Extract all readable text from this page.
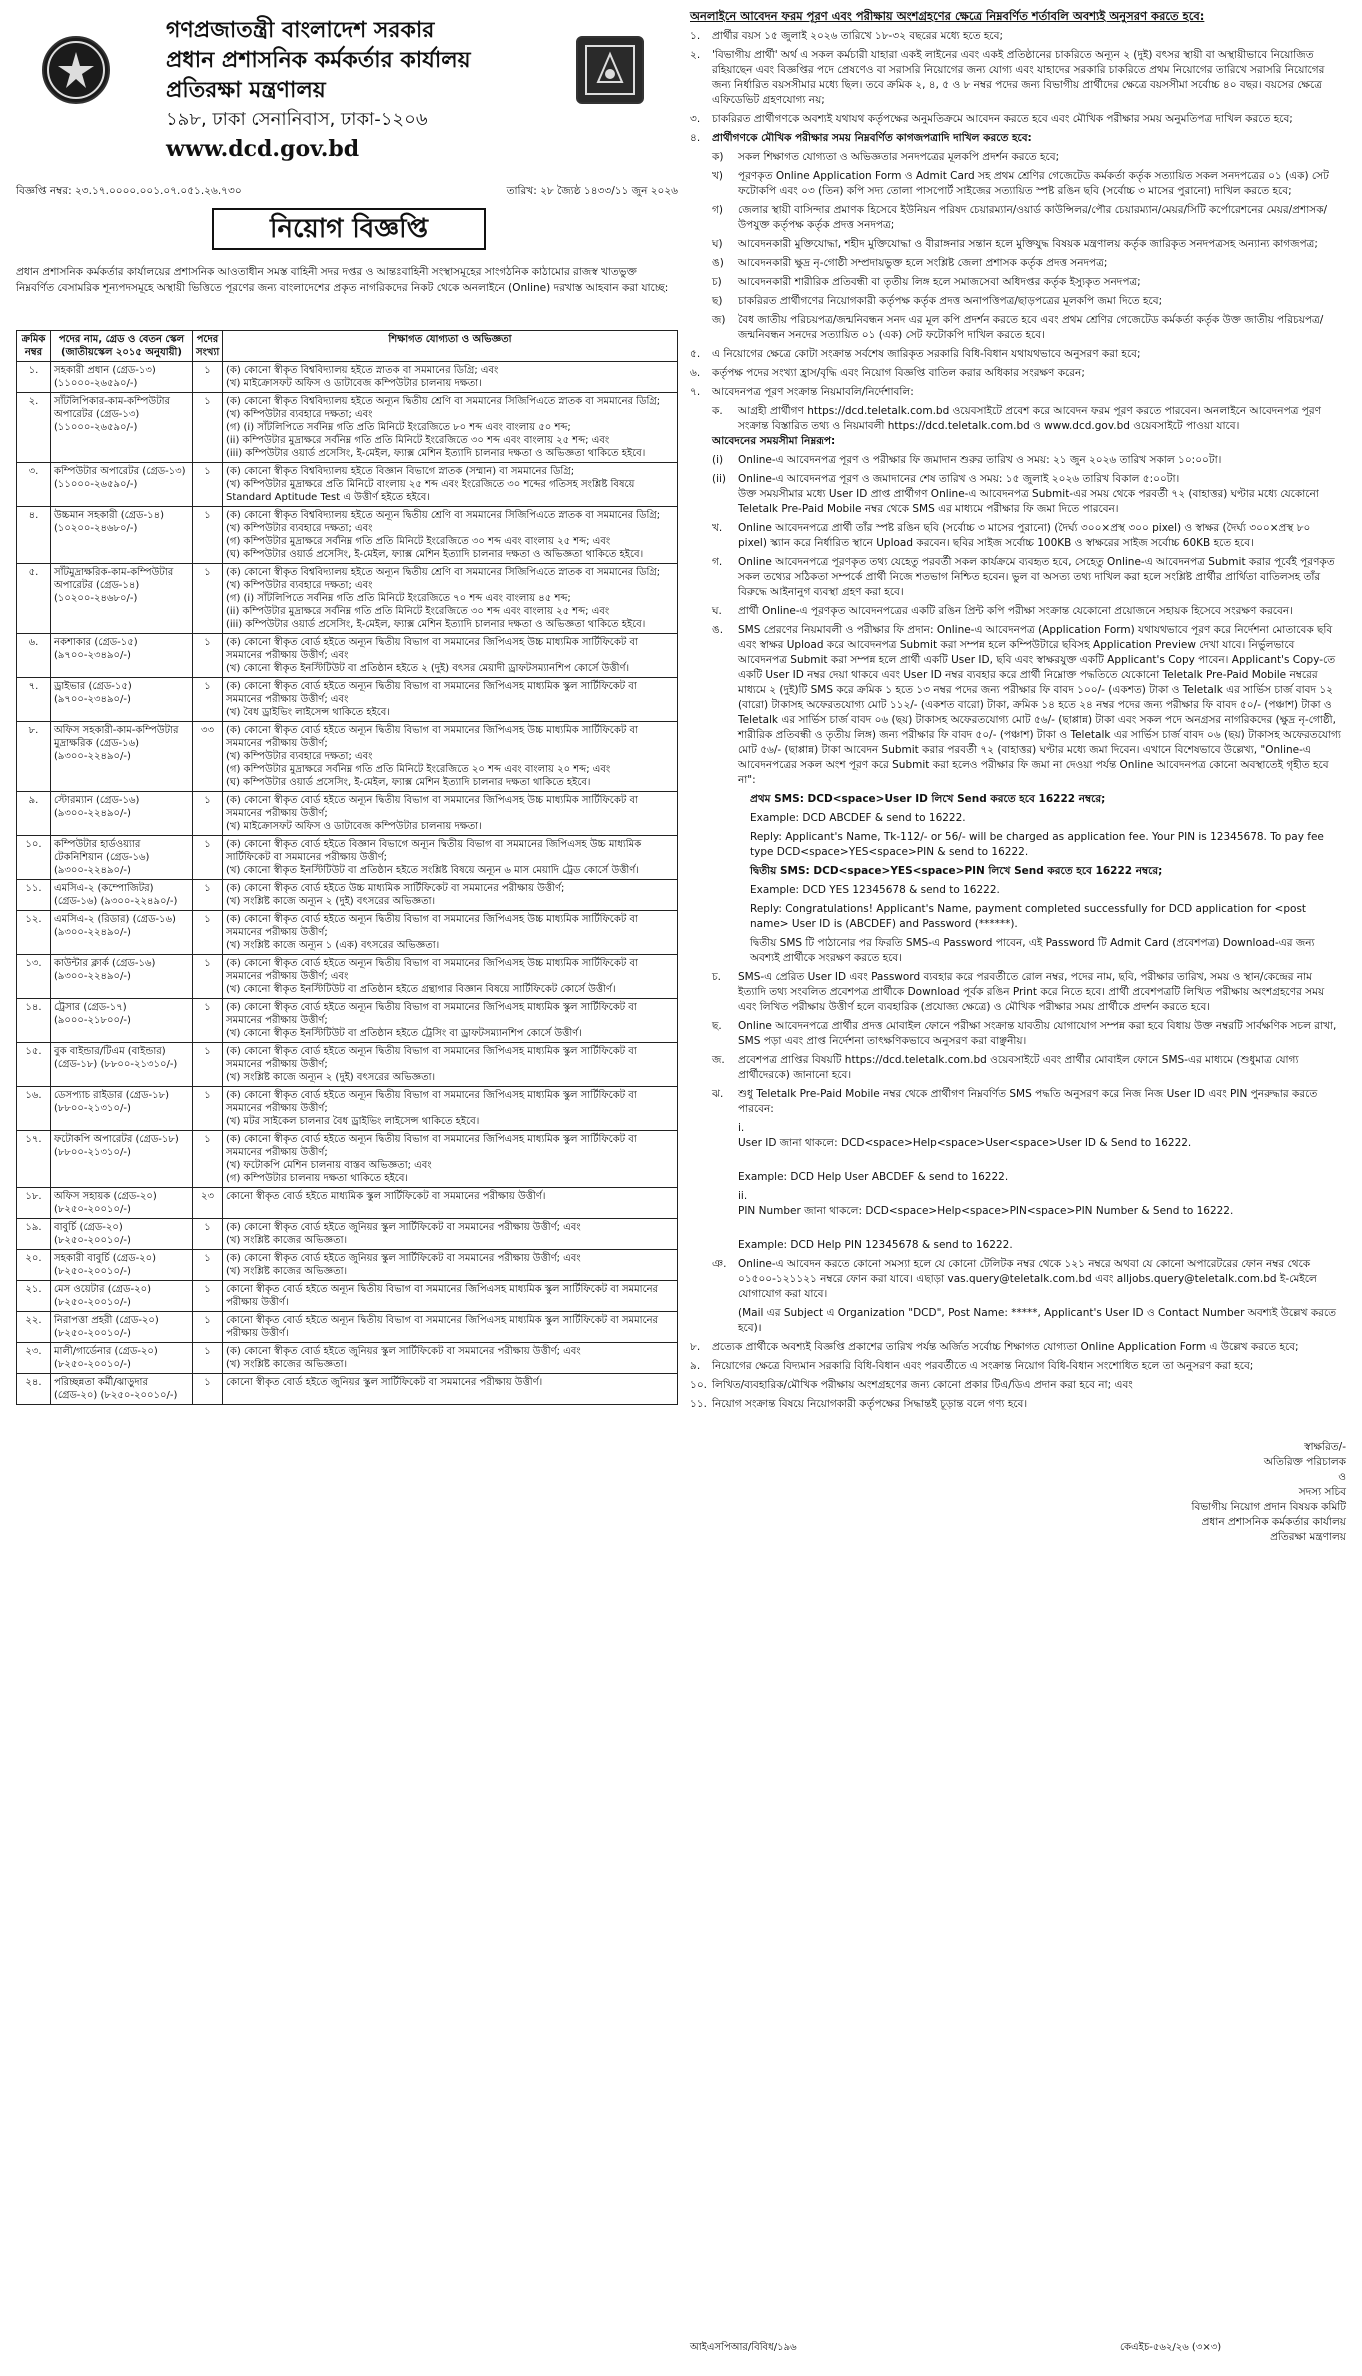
গণপ্রজাতন্ত্রী বাংলাদেশ সরকার
প্রধান প্রশাসনিক কর্মকর্তার কার্যালয়
প্রতিরক্ষা মন্ত্রণালয়
১৯৮, ঢাকা সেনানিবাস, ঢাকা-১২০৬
www.dcd.gov.bd
বিজ্ঞপ্তি নম্বর: ২৩.১৭.০০০০.০০১.০৭.০৫১.২৬.৭৩০	তারিখ: ২৮ জ্যৈষ্ঠ ১৪৩৩/১১ জুন ২০২৬
নিয়োগ বিজ্ঞপ্তি
প্রধান প্রশাসনিক কর্মকর্তার কার্যালয়ের প্রশাসনিক আওতাধীন সমস্ত বাহিনী সদর দপ্তর ও আন্তঃবাহিনী সংস্থাসমূহের সাংগঠনিক কাঠামোর রাজস্ব খাতভুক্ত নিম্নবর্ণিত বেসামরিক শূন্যপদসমূহে অস্থায়ী ভিত্তিতে পূরণের জন্য বাংলাদেশের প্রকৃত নাগরিকদের নিকট থেকে অনলাইনে (Online) দরখাস্ত আহবান করা যাচ্ছে:
ক্রমিক নম্বর	পদের নাম, গ্রেড ও বেতন স্কেল (জাতীয়স্কেল ২০১৫ অনুযায়ী)	পদের সংখ্যা	শিক্ষাগত যোগ্যতা ও অভিজ্ঞতা
১.	সহকারী প্রধান (গ্রেড-১৩) (১১০০০-২৬৫৯০/-)	১	(ক) কোনো স্বীকৃত বিশ্ববিদ্যালয় হইতে স্নাতক বা সমমানের ডিগ্রি; এবং
(খ) মাইক্রোসফট অফিস ও ডাটাবেজ কম্পিউটার চালনায় দক্ষতা।

২.	সাঁটলিপিকার-কাম-কম্পিউটার অপারেটর (গ্রেড-১৩) (১১০০০-২৬৫৯০/-)	১	(ক) কোনো স্বীকৃত বিশ্ববিদ্যালয় হইতে অন্যূন দ্বিতীয় শ্রেণি বা সমমানের সিজিপিএতে স্নাতক বা সমমানের ডিগ্রি;
(খ) কম্পিউটার ব্যবহারে দক্ষতা; এবং
(গ) (i) সাঁটলিপিতে সর্বনিম্ন গতি প্রতি মিনিটে ইংরেজিতে ৮০ শব্দ এবং বাংলায় ৫০ শব্দ;
(ii) কম্পিউটার মুদ্রাক্ষরে সর্বনিম্ন গতি প্রতি মিনিটে ইংরেজিতে ৩০ শব্দ এবং বাংলায় ২৫ শব্দ; এবং
(iii) কম্পিউটার ওয়ার্ড প্রসেসিং, ই-মেইল, ফ্যাক্স মেশিন ইত্যাদি চালনার দক্ষতা ও অভিজ্ঞতা থাকিতে হইবে।

৩.	কম্পিউটার অপারেটর (গ্রেড-১৩) (১১০০০-২৬৫৯০/-)	১	(ক) কোনো স্বীকৃত বিশ্ববিদ্যালয় হইতে বিজ্ঞান বিভাগে স্নাতক (সম্মান) বা সমমানের ডিগ্রি;
(খ) কম্পিউটার মুদ্রাক্ষরে প্রতি মিনিটে বাংলায় ২৫ শব্দ এবং ইংরেজিতে ৩০ শব্দের গতিসহ সংশ্লিষ্ট বিষয়ে Standard Aptitude Test এ উত্তীর্ণ হইতে হইবে।

৪.	উচ্চমান সহকারী (গ্রেড-১৪) (১০২০০-২৪৬৮০/-)	১	(ক) কোনো স্বীকৃত বিশ্ববিদ্যালয় হইতে অন্যূন দ্বিতীয় শ্রেণি বা সমমানের সিজিপিএতে স্নাতক বা সমমানের ডিগ্রি;
(খ) কম্পিউটার ব্যবহারে দক্ষতা; এবং
(গ) কম্পিউটার মুদ্রাক্ষরে সর্বনিম্ন গতি প্রতি মিনিটে ইংরেজিতে ৩০ শব্দ এবং বাংলায় ২৫ শব্দ; এবং
(ঘ) কম্পিউটার ওয়ার্ড প্রসেসিং, ই-মেইল, ফ্যাক্স মেশিন ইত্যাদি চালনার দক্ষতা ও অভিজ্ঞতা থাকিতে হইবে।

৫.	সাঁটমুদ্রাক্ষরিক-কাম-কম্পিউটার অপারেটর (গ্রেড-১৪) (১০২০০-২৪৬৮০/-)	১	(ক) কোনো স্বীকৃত বিশ্ববিদ্যালয় হইতে অন্যূন দ্বিতীয় শ্রেণি বা সমমানের সিজিপিএতে স্নাতক বা সমমানের ডিগ্রি;
(খ) কম্পিউটার ব্যবহারে দক্ষতা; এবং
(গ) (i) সাঁটলিপিতে সর্বনিম্ন গতি প্রতি মিনিটে ইংরেজিতে ৭০ শব্দ এবং বাংলায় ৪৫ শব্দ;
(ii) কম্পিউটার মুদ্রাক্ষরে সর্বনিম্ন গতি প্রতি মিনিটে ইংরেজিতে ৩০ শব্দ এবং বাংলায় ২৫ শব্দ; এবং
(iii) কম্পিউটার ওয়ার্ড প্রসেসিং, ই-মেইল, ফ্যাক্স মেশিন ইত্যাদি চালনার দক্ষতা ও অভিজ্ঞতা থাকিতে হইবে।

৬.	নকশাকার (গ্রেড-১৫) (৯৭০০-২৩৪৯০/-)	১	(ক) কোনো স্বীকৃত বোর্ড হইতে অন্যূন দ্বিতীয় বিভাগ বা সমমানের জিপিএসহ উচ্চ মাধ্যমিক সার্টিফিকেট বা সমমানের পরীক্ষায় উত্তীর্ণ; এবং
(খ) কোনো স্বীকৃত ইনস্টিটিউট বা প্রতিষ্ঠান হইতে ২ (দুই) বৎসর মেয়াদী ড্রাফটসম্যানশিপ কোর্সে উত্তীর্ণ।

৭.	ড্রাইভার (গ্রেড-১৫) (৯৭০০-২৩৪৯০/-)	১	(ক) কোনো স্বীকৃত বোর্ড হইতে অন্যূন দ্বিতীয় বিভাগ বা সমমানের জিপিএসহ মাধ্যমিক স্কুল সার্টিফিকেট বা সমমানের পরীক্ষায় উত্তীর্ণ; এবং
(খ) বৈধ ড্রাইভিং লাইসেন্স থাকিতে হইবে।

৮.	অফিস সহকারী-কাম-কম্পিউটার মুদ্রাক্ষরিক (গ্রেড-১৬) (৯৩০০-২২৪৯০/-)	৩৩	(ক) কোনো স্বীকৃত বোর্ড হইতে অন্যূন দ্বিতীয় বিভাগ বা সমমানের জিপিএসহ উচ্চ মাধ্যমিক সার্টিফিকেট বা সমমানের পরীক্ষায় উত্তীর্ণ;
(খ) কম্পিউটার ব্যবহারে দক্ষতা; এবং
(গ) কম্পিউটার মুদ্রাক্ষরে সর্বনিম্ন গতি প্রতি মিনিটে ইংরেজিতে ২০ শব্দ এবং বাংলায় ২০ শব্দ; এবং
(ঘ) কম্পিউটার ওয়ার্ড প্রসেসিং, ই-মেইল, ফ্যাক্স মেশিন ইত্যাদি চালনার দক্ষতা থাকিতে হইবে।

৯.	স্টোরম্যান (গ্রেড-১৬) (৯৩০০-২২৪৯০/-)	১	(ক) কোনো স্বীকৃত বোর্ড হইতে অন্যূন দ্বিতীয় বিভাগ বা সমমানের জিপিএসহ উচ্চ মাধ্যমিক সার্টিফিকেট বা সমমানের পরীক্ষায় উত্তীর্ণ;
(খ) মাইক্রোসফট অফিস ও ডাটাবেজ কম্পিউটার চালনায় দক্ষতা।

১০.	কম্পিউটার হার্ডওয়্যার টেকনিশিয়ান (গ্রেড-১৬) (৯৩০০-২২৪৯০/-)	১	(ক) কোনো স্বীকৃত বোর্ড হইতে বিজ্ঞান বিভাগে অন্যূন দ্বিতীয় বিভাগ বা সমমানের জিপিএসহ উচ্চ মাধ্যমিক সার্টিফিকেট বা সমমানের পরীক্ষায় উত্তীর্ণ;
(খ) কোনো স্বীকৃত ইনস্টিটিউট বা প্রতিষ্ঠান হইতে সংশ্লিষ্ট বিষয়ে অন্যূন ৬ মাস মেয়াদি ট্রেড কোর্সে উত্তীর্ণ।

১১.	এমসিএ-২ (কম্পোজিটর) (গ্রেড-১৬) (৯৩০০-২২৪৯০/-)	১	(ক) কোনো স্বীকৃত বোর্ড হইতে উচ্চ মাধ্যমিক সার্টিফিকেট বা সমমানের পরীক্ষায় উত্তীর্ণ;
(খ) সংশ্লিষ্ট কাজে অন্যূন ২ (দুই) বৎসরের অভিজ্ঞতা।

১২.	এমসিএ-২ (রিডার) (গ্রেড-১৬) (৯৩০০-২২৪৯০/-)	১	(ক) কোনো স্বীকৃত বোর্ড হইতে অন্যূন দ্বিতীয় বিভাগ বা সমমানের জিপিএসহ উচ্চ মাধ্যমিক সার্টিফিকেট বা সমমানের পরীক্ষায় উত্তীর্ণ;
(খ) সংশ্লিষ্ট কাজে অন্যূন ১ (এক) বৎসরের অভিজ্ঞতা।

১৩.	কাউন্টার ক্লার্ক (গ্রেড-১৬) (৯৩০০-২২৪৯০/-)	১	(ক) কোনো স্বীকৃত বোর্ড হইতে অন্যূন দ্বিতীয় বিভাগ বা সমমানের জিপিএসহ উচ্চ মাধ্যমিক সার্টিফিকেট বা সমমানের পরীক্ষায় উত্তীর্ণ; এবং
(খ) কোনো স্বীকৃত ইনস্টিটিউট বা প্রতিষ্ঠান হইতে গ্রন্থাগার বিজ্ঞান বিষয়ে সার্টিফিকেট কোর্সে উত্তীর্ণ।

১৪.	ট্রেসার (গ্রেড-১৭) (৯০০০-২১৮০০/-)	১	(ক) কোনো স্বীকৃত বোর্ড হইতে অন্যূন দ্বিতীয় বিভাগ বা সমমানের জিপিএসহ মাধ্যমিক স্কুল সার্টিফিকেট বা সমমানের পরীক্ষায় উত্তীর্ণ;
(খ) কোনো স্বীকৃত ইনস্টিটিউট বা প্রতিষ্ঠান হইতে ট্রেসিং বা ড্রাফটসম্যানশিপ কোর্সে উত্তীর্ণ।

১৫.	বুক বাইন্ডার/টিএম (বাইন্ডার) (গ্রেড-১৮) (৮৮০০-২১৩১০/-)	১	(ক) কোনো স্বীকৃত বোর্ড হইতে অন্যূন দ্বিতীয় বিভাগ বা সমমানের জিপিএসহ মাধ্যমিক স্কুল সার্টিফিকেট বা সমমানের পরীক্ষায় উত্তীর্ণ;
(খ) সংশ্লিষ্ট কাজে অন্যূন ২ (দুই) বৎসরের অভিজ্ঞতা।

১৬.	ডেসপ্যাচ রাইডার (গ্রেড-১৮) (৮৮০০-২১৩১০/-)	১	(ক) কোনো স্বীকৃত বোর্ড হইতে অন্যূন দ্বিতীয় বিভাগ বা সমমানের জিপিএসহ মাধ্যমিক স্কুল সার্টিফিকেট বা সমমানের পরীক্ষায় উত্তীর্ণ;
(খ) মটর সাইকেল চালনার বৈধ ড্রাইভিং লাইসেন্স থাকিতে হইবে।

১৭.	ফটোকপি অপারেটর (গ্রেড-১৮) (৮৮০০-২১৩১০/-)	১	(ক) কোনো স্বীকৃত বোর্ড হইতে অন্যূন দ্বিতীয় বিভাগ বা সমমানের জিপিএসহ মাধ্যমিক স্কুল সার্টিফিকেট বা সমমানের পরীক্ষায় উত্তীর্ণ;
(খ) ফটোকপি মেশিন চালনায় বাস্তব অভিজ্ঞতা; এবং
(গ) কম্পিউটার চালনায় দক্ষতা থাকিতে হইবে।

১৮.	অফিস সহায়ক (গ্রেড-২০) (৮২৫০-২০০১০/-)	২৩	কোনো স্বীকৃত বোর্ড হইতে মাধ্যমিক স্কুল সার্টিফিকেট বা সমমানের পরীক্ষায় উত্তীর্ণ।

১৯.	বাবুর্চি (গ্রেড-২০) (৮২৫০-২০০১০/-)	১	(ক) কোনো স্বীকৃত বোর্ড হইতে জুনিয়র স্কুল সার্টিফিকেট বা সমমানের পরীক্ষায় উত্তীর্ণ; এবং
(খ) সংশ্লিষ্ট কাজের অভিজ্ঞতা।

২০.	সহকারী বাবুর্চি (গ্রেড-২০) (৮২৫০-২০০১০/-)	১	(ক) কোনো স্বীকৃত বোর্ড হইতে জুনিয়র স্কুল সার্টিফিকেট বা সমমানের পরীক্ষায় উত্তীর্ণ; এবং
(খ) সংশ্লিষ্ট কাজের অভিজ্ঞতা।

২১.	মেস ওয়েটার (গ্রেড-২০) (৮২৫০-২০০১০/-)	১	কোনো স্বীকৃত বোর্ড হইতে অন্যূন দ্বিতীয় বিভাগ বা সমমানের জিপিএসহ মাধ্যমিক স্কুল সার্টিফিকেট বা সমমানের পরীক্ষায় উত্তীর্ণ।

২২.	নিরাপত্তা প্রহরী (গ্রেড-২০) (৮২৫০-২০০১০/-)	১	কোনো স্বীকৃত বোর্ড হইতে অন্যূন দ্বিতীয় বিভাগ বা সমমানের জিপিএসহ মাধ্যমিক স্কুল সার্টিফিকেট বা সমমানের পরীক্ষায় উত্তীর্ণ।

২৩.	মালী/গার্ডেনার (গ্রেড-২০) (৮২৫০-২০০১০/-)	১	(ক) কোনো স্বীকৃত বোর্ড হইতে জুনিয়র স্কুল সার্টিফিকেট বা সমমানের পরীক্ষায় উত্তীর্ণ; এবং
(খ) সংশ্লিষ্ট কাজের অভিজ্ঞতা।

২৪.	পরিচ্ছন্নতা কর্মী/ঝাড়ুদার (গ্রেড-২০) (৮২৫০-২০০১০/-)	১	কোনো স্বীকৃত বোর্ড হইতে জুনিয়র স্কুল সার্টিফিকেট বা সমমানের পরীক্ষায় উত্তীর্ণ।
অনলাইনে আবেদন ফরম পূরণ এবং পরীক্ষায় অংশগ্রহণের ক্ষেত্রে নিম্নবর্ণিত শর্তাবলি অবশ্যই অনুসরণ করতে হবে:
১. প্রার্থীর বয়স ১৫ জুলাই ২০২৬ তারিখে ১৮-৩২ বছরের মধ্যে হতে হবে;
২. 'বিভাগীয় প্রার্থী' অর্থ এ সকল কর্মচারী যাহারা একই লাইনের এবং একই প্রতিষ্ঠানের চাকরিতে অন্যূন ২ (দুই) বৎসর স্থায়ী বা অস্থায়ীভাবে নিয়োজিত রহিয়াছেন এবং বিজ্ঞপ্তির পদে প্রেষণেও বা সরাসরি নিয়োগের জন্য যোগ্য এবং যাহাদের সরকারি চাকরিতে প্রথম নিয়োগের তারিখে সরাসরি নিয়োগের জন্য নির্ধারিত বয়সসীমার মধ্যে ছিল। তবে ক্রমিক ২, ৪, ৫ ও ৮ নম্বর পদের জন্য বিভাগীয় প্রার্থীদের ক্ষেত্রে বয়সসীমা সর্বোচ্চ ৪০ বছর। বয়সের ক্ষেত্রে এফিডেভিট গ্রহণযোগ্য নয়;
৩. চাকরিরত প্রার্থীগণকে অবশ্যই যথাযথ কর্তৃপক্ষের অনুমতিক্রমে আবেদন করতে হবে এবং মৌখিক পরীক্ষার সময় অনুমতিপত্র দাখিল করতে হবে;
৪. প্রার্থীগণকে মৌখিক পরীক্ষার সময় নিম্নবর্ণিত কাগজপত্রাদি দাখিল করতে হবে:
ক) সকল শিক্ষাগত যোগ্যতা ও অভিজ্ঞতার সনদপত্রের মূলকপি প্রদর্শন করতে হবে;
খ) পূরণকৃত Online Application Form ও Admit Card সহ প্রথম শ্রেণির গেজেটেড কর্মকর্তা কর্তৃক সত্যায়িত সকল সনদপত্রের ০১ (এক) সেট ফটোকপি এবং ০৩ (তিন) কপি সদ্য তোলা পাসপোর্ট সাইজের সত্যায়িত স্পষ্ট রঙিন ছবি (সর্বোচ্চ ৩ মাসের পুরানো) দাখিল করতে হবে;
গ) জেলার স্থায়ী বাসিন্দার প্রমাণক হিসেবে ইউনিয়ন পরিষদ চেয়ারম্যান/ওয়ার্ড কাউন্সিলর/পৌর চেয়ারম্যান/মেয়র/সিটি কর্পোরেশনের মেয়র/প্রশাসক/উপযুক্ত কর্তৃপক্ষ কর্তৃক প্রদত্ত সনদপত্র;
ঘ) আবেদনকারী মুক্তিযোদ্ধা, শহীদ মুক্তিযোদ্ধা ও বীরাঙ্গনার সন্তান হলে মুক্তিযুদ্ধ বিষয়ক মন্ত্রণালয় কর্তৃক জারিকৃত সনদপত্রসহ অন্যান্য কাগজপত্র;
ঙ) আবেদনকারী ক্ষুদ্র নৃ-গোষ্ঠী সম্প্রদায়ভুক্ত হলে সংশ্লিষ্ট জেলা প্রশাসক কর্তৃক প্রদত্ত সনদপত্র;
চ) আবেদনকারী শারীরিক প্রতিবন্ধী বা তৃতীয় লিঙ্গ হলে সমাজসেবা অধিদপ্তর কর্তৃক ইস্যুকৃত সনদপত্র;
ছ) চাকরিরত প্রার্থীগণের নিয়োগকারী কর্তৃপক্ষ কর্তৃক প্রদত্ত অনাপত্তিপত্র/ছাড়পত্রের মূলকপি জমা দিতে হবে;
জ) বৈধ জাতীয় পরিচয়পত্র/জন্মনিবন্ধন সনদ এর মূল কপি প্রদর্শন করতে হবে এবং প্রথম শ্রেণির গেজেটেড কর্মকর্তা কর্তৃক উক্ত জাতীয় পরিচয়পত্র/জন্মনিবন্ধন সনদের সত্যায়িত ০১ (এক) সেট ফটোকপি দাখিল করতে হবে।
৫. এ নিয়োগের ক্ষেত্রে কোটা সংক্রান্ত সর্বশেষ জারিকৃত সরকারি বিধি-বিধান যথাযথভাবে অনুসরণ করা হবে;
৬. কর্তৃপক্ষ পদের সংখ্যা হ্রাস/বৃদ্ধি এবং নিয়োগ বিজ্ঞপ্তি বাতিল করার অধিকার সংরক্ষণ করেন;
৭. আবেদনপত্র পূরণ সংক্রান্ত নিয়মাবলি/নির্দেশাবলি:
ক. আগ্রহী প্রার্থীগণ https://dcd.teletalk.com.bd ওয়েবসাইটে প্রবেশ করে আবেদন ফরম পূরণ করতে পারবেন। অনলাইনে আবেদনপত্র পূরণ সংক্রান্ত বিস্তারিত তথ্য ও নিয়মাবলী https://dcd.teletalk.com.bd ও www.dcd.gov.bd ওয়েবসাইটে পাওয়া যাবে।
আবেদনের সময়সীমা নিম্নরূপ:
(i) Online-এ আবেদনপত্র পূরণ ও পরীক্ষার ফি জমাদান শুরুর তারিখ ও সময়: ২১ জুন ২০২৬ তারিখ সকাল ১০:০০টা।
(ii) Online-এ আবেদনপত্র পূরণ ও জমাদানের শেষ তারিখ ও সময়: ১৫ জুলাই ২০২৬ তারিখ বিকাল ৫:০০টা।
উক্ত সময়সীমার মধ্যে User ID প্রাপ্ত প্রার্থীগণ Online-এ আবেদনপত্র Submit-এর সময় থেকে পরবর্তী ৭২ (বাহাত্তর) ঘণ্টার মধ্যে যেকোনো Teletalk Pre-Paid Mobile নম্বর থেকে SMS এর মাধ্যমে পরীক্ষার ফি জমা দিতে পারবেন।
খ. Online আবেদনপত্রে প্রার্থী তাঁর স্পষ্ট রঙিন ছবি (সর্বোচ্চ ৩ মাসের পুরানো) (দৈর্ঘ্য ৩০০×প্রস্থ ৩০০ pixel) ও স্বাক্ষর (দৈর্ঘ্য ৩০০×প্রস্থ ৮০ pixel) স্ক্যান করে নির্ধারিত স্থানে Upload করবেন। ছবির সাইজ সর্বোচ্চ 100KB ও স্বাক্ষরের সাইজ সর্বোচ্চ 60KB হতে হবে।
গ. Online আবেদনপত্রে পূরণকৃত তথ্য যেহেতু পরবর্তী সকল কার্যক্রমে ব্যবহৃত হবে, সেহেতু Online-এ আবেদনপত্র Submit করার পূর্বেই পূরণকৃত সকল তথ্যের সঠিকতা সম্পর্কে প্রার্থী নিজে শতভাগ নিশ্চিত হবেন। ভুল বা অসত্য তথ্য দাখিল করা হলে সংশ্লিষ্ট প্রার্থীর প্রার্থিতা বাতিলসহ তাঁর বিরুদ্ধে আইনানুগ ব্যবস্থা গ্রহণ করা হবে।
ঘ. প্রার্থী Online-এ পূরণকৃত আবেদনপত্রের একটি রঙিন প্রিন্ট কপি পরীক্ষা সংক্রান্ত যেকোনো প্রয়োজনে সহায়ক হিসেবে সংরক্ষণ করবেন।
ঙ. SMS প্রেরণের নিয়মাবলী ও পরীক্ষার ফি প্রদান: Online-এ আবেদনপত্র (Application Form) যথাযথভাবে পূরণ করে নির্দেশনা মোতাবেক ছবি এবং স্বাক্ষর Upload করে আবেদনপত্র Submit করা সম্পন্ন হলে কম্পিউটারে ছবিসহ Application Preview দেখা যাবে। নির্ভুলভাবে আবেদনপত্র Submit করা সম্পন্ন হলে প্রার্থী একটি User ID, ছবি এবং স্বাক্ষরযুক্ত একটি Applicant's Copy পাবেন। Applicant's Copy-তে একটি User ID নম্বর দেয়া থাকবে এবং User ID নম্বর ব্যবহার করে প্রার্থী নিম্নোক্ত পদ্ধতিতে যেকোনো Teletalk Pre-Paid Mobile নম্বরের মাধ্যমে ২ (দুই)টি SMS করে ক্রমিক ১ হতে ১৩ নম্বর পদের জন্য পরীক্ষার ফি বাবদ ১০০/- (একশত) টাকা ও Teletalk এর সার্ভিস চার্জ বাবদ ১২ (বারো) টাকাসহ অফেরতযোগ্য মোট ১১২/- (একশত বারো) টাকা, ক্রমিক ১৪ হতে ২৪ নম্বর পদের জন্য পরীক্ষার ফি বাবদ ৫০/- (পঞ্চাশ) টাকা ও Teletalk এর সার্ভিস চার্জ বাবদ ০৬ (ছয়) টাকাসহ অফেরতযোগ্য মোট ৫৬/- (ছাপ্পান্ন) টাকা এবং সকল পদে অনগ্রসর নাগরিকদের (ক্ষুদ্র নৃ-গোষ্ঠী, শারীরিক প্রতিবন্ধী ও তৃতীয় লিঙ্গ) জন্য পরীক্ষার ফি বাবদ ৫০/- (পঞ্চাশ) টাকা ও Teletalk এর সার্ভিস চার্জ বাবদ ০৬ (ছয়) টাকাসহ অফেরতযোগ্য মোট ৫৬/- (ছাপ্পান্ন) টাকা আবেদন Submit করার পরবর্তী ৭২ (বাহাত্তর) ঘণ্টার মধ্যে জমা দিবেন। এখানে বিশেষভাবে উল্লেখ্য, "Online-এ আবেদনপত্রের সকল অংশ পূরণ করে Submit করা হলেও পরীক্ষার ফি জমা না দেওয়া পর্যন্ত Online আবেদনপত্র কোনো অবস্থাতেই গৃহীত হবে না":
প্রথম SMS: DCD<space>User ID লিখে Send করতে হবে 16222 নম্বরে;
Example: DCD ABCDEF & send to 16222.
Reply: Applicant's Name, Tk-112/- or 56/- will be charged as application fee. Your PIN is 12345678. To pay fee type DCD<space>YES<space>PIN & send to 16222.
দ্বিতীয় SMS: DCD<space>YES<space>PIN লিখে Send করতে হবে 16222 নম্বরে;
Example: DCD YES 12345678 & send to 16222.
Reply: Congratulations! Applicant's Name, payment completed successfully for DCD application for <post name> User ID is (ABCDEF) and Password (******).
দ্বিতীয় SMS টি পাঠানোর পর ফিরতি SMS-এ Password পাবেন, এই Password টি Admit Card (প্রবেশপত্র) Download-এর জন্য অবশ্যই প্রার্থীকে সংরক্ষণ করতে হবে।
চ. SMS-এ প্রেরিত User ID এবং Password ব্যবহার করে পরবর্তীতে রোল নম্বর, পদের নাম, ছবি, পরীক্ষার তারিখ, সময় ও স্থান/কেন্দ্রের নাম ইত্যাদি তথ্য সংবলিত প্রবেশপত্র প্রার্থীকে Download পূর্বক রঙিন Print করে নিতে হবে। প্রার্থী প্রবেশপত্রটি লিখিত পরীক্ষায় অংশগ্রহণের সময় এবং লিখিত পরীক্ষায় উত্তীর্ণ হলে ব্যবহারিক (প্রযোজ্য ক্ষেত্রে) ও মৌখিক পরীক্ষার সময় প্রার্থীকে প্রদর্শন করতে হবে।
ছ. Online আবেদনপত্রে প্রার্থীর প্রদত্ত মোবাইল ফোনে পরীক্ষা সংক্রান্ত যাবতীয় যোগাযোগ সম্পন্ন করা হবে বিধায় উক্ত নম্বরটি সার্বক্ষণিক সচল রাখা, SMS পড়া এবং প্রাপ্ত নির্দেশনা তাৎক্ষণিকভাবে অনুসরণ করা বাঞ্ছনীয়।
জ. প্রবেশপত্র প্রাপ্তির বিষয়টি https://dcd.teletalk.com.bd ওয়েবসাইটে এবং প্রার্থীর মোবাইল ফোনে SMS-এর মাধ্যমে (শুধুমাত্র যোগ্য প্রার্থীদেরকে) জানানো হবে।
ঝ. শুধু Teletalk Pre-Paid Mobile নম্বর থেকে প্রার্থীগণ নিম্নবর্ণিত SMS পদ্ধতি অনুসরণ করে নিজ নিজ User ID এবং PIN পুনরুদ্ধার করতে পারবেন:
i.User ID জানা থাকলে: DCD<space>Help<space>User<space>User ID & Send to 16222.
Example: DCD Help User ABCDEF & send to 16222.
ii.PIN Number জানা থাকলে: DCD<space>Help<space>PIN<space>PIN Number & Send to 16222.
Example: DCD Help PIN 12345678 & send to 16222.
ঞ. Online-এ আবেদন করতে কোনো সমস্যা হলে যে কোনো টেলিটক নম্বর থেকে ১২১ নম্বরে অথবা যে কোনো অপারেটরের ফোন নম্বর থেকে ০১৫০০-১২১১২১ নম্বরে ফোন করা যাবে। এছাড়া vas.query@teletalk.com.bd এবং alljobs.query@teletalk.com.bd ই-মেইলে যোগাযোগ করা যাবে।
(Mail এর Subject এ Organization "DCD", Post Name: *****, Applicant's User ID ও Contact Number অবশ্যই উল্লেখ করতে হবে)।
৮. প্রত্যেক প্রার্থীকে অবশ্যই বিজ্ঞপ্তি প্রকাশের তারিখ পর্যন্ত অর্জিত সর্বোচ্চ শিক্ষাগত যোগ্যতা Online Application Form এ উল্লেখ করতে হবে;
৯. নিয়োগের ক্ষেত্রে বিদ্যমান সরকারি বিধি-বিধান এবং পরবর্তীতে এ সংক্রান্ত নিয়োগ বিধি-বিধান সংশোধিত হলে তা অনুসরণ করা হবে;
১০. লিখিত/ব্যবহারিক/মৌখিক পরীক্ষায় অংশগ্রহণের জন্য কোনো প্রকার টিএ/ডিএ প্রদান করা হবে না; এবং
১১. নিয়োগ সংক্রান্ত বিষয়ে নিয়োগকারী কর্তৃপক্ষের সিদ্ধান্তই চূড়ান্ত বলে গণ্য হবে।
স্বাক্ষরিত/-
অতিরিক্ত পরিচালক
ও
সদস্য সচিব
বিভাগীয় নিয়োগ প্রদান বিষয়ক কমিটি
প্রধান প্রশাসনিক কর্মকর্তার কার্যালয়
প্রতিরক্ষা মন্ত্রণালয়
আইএসপিআর/বিবিধ/১৯৬	কেএইচ-৫৬২/২৬ (৩×৩)
